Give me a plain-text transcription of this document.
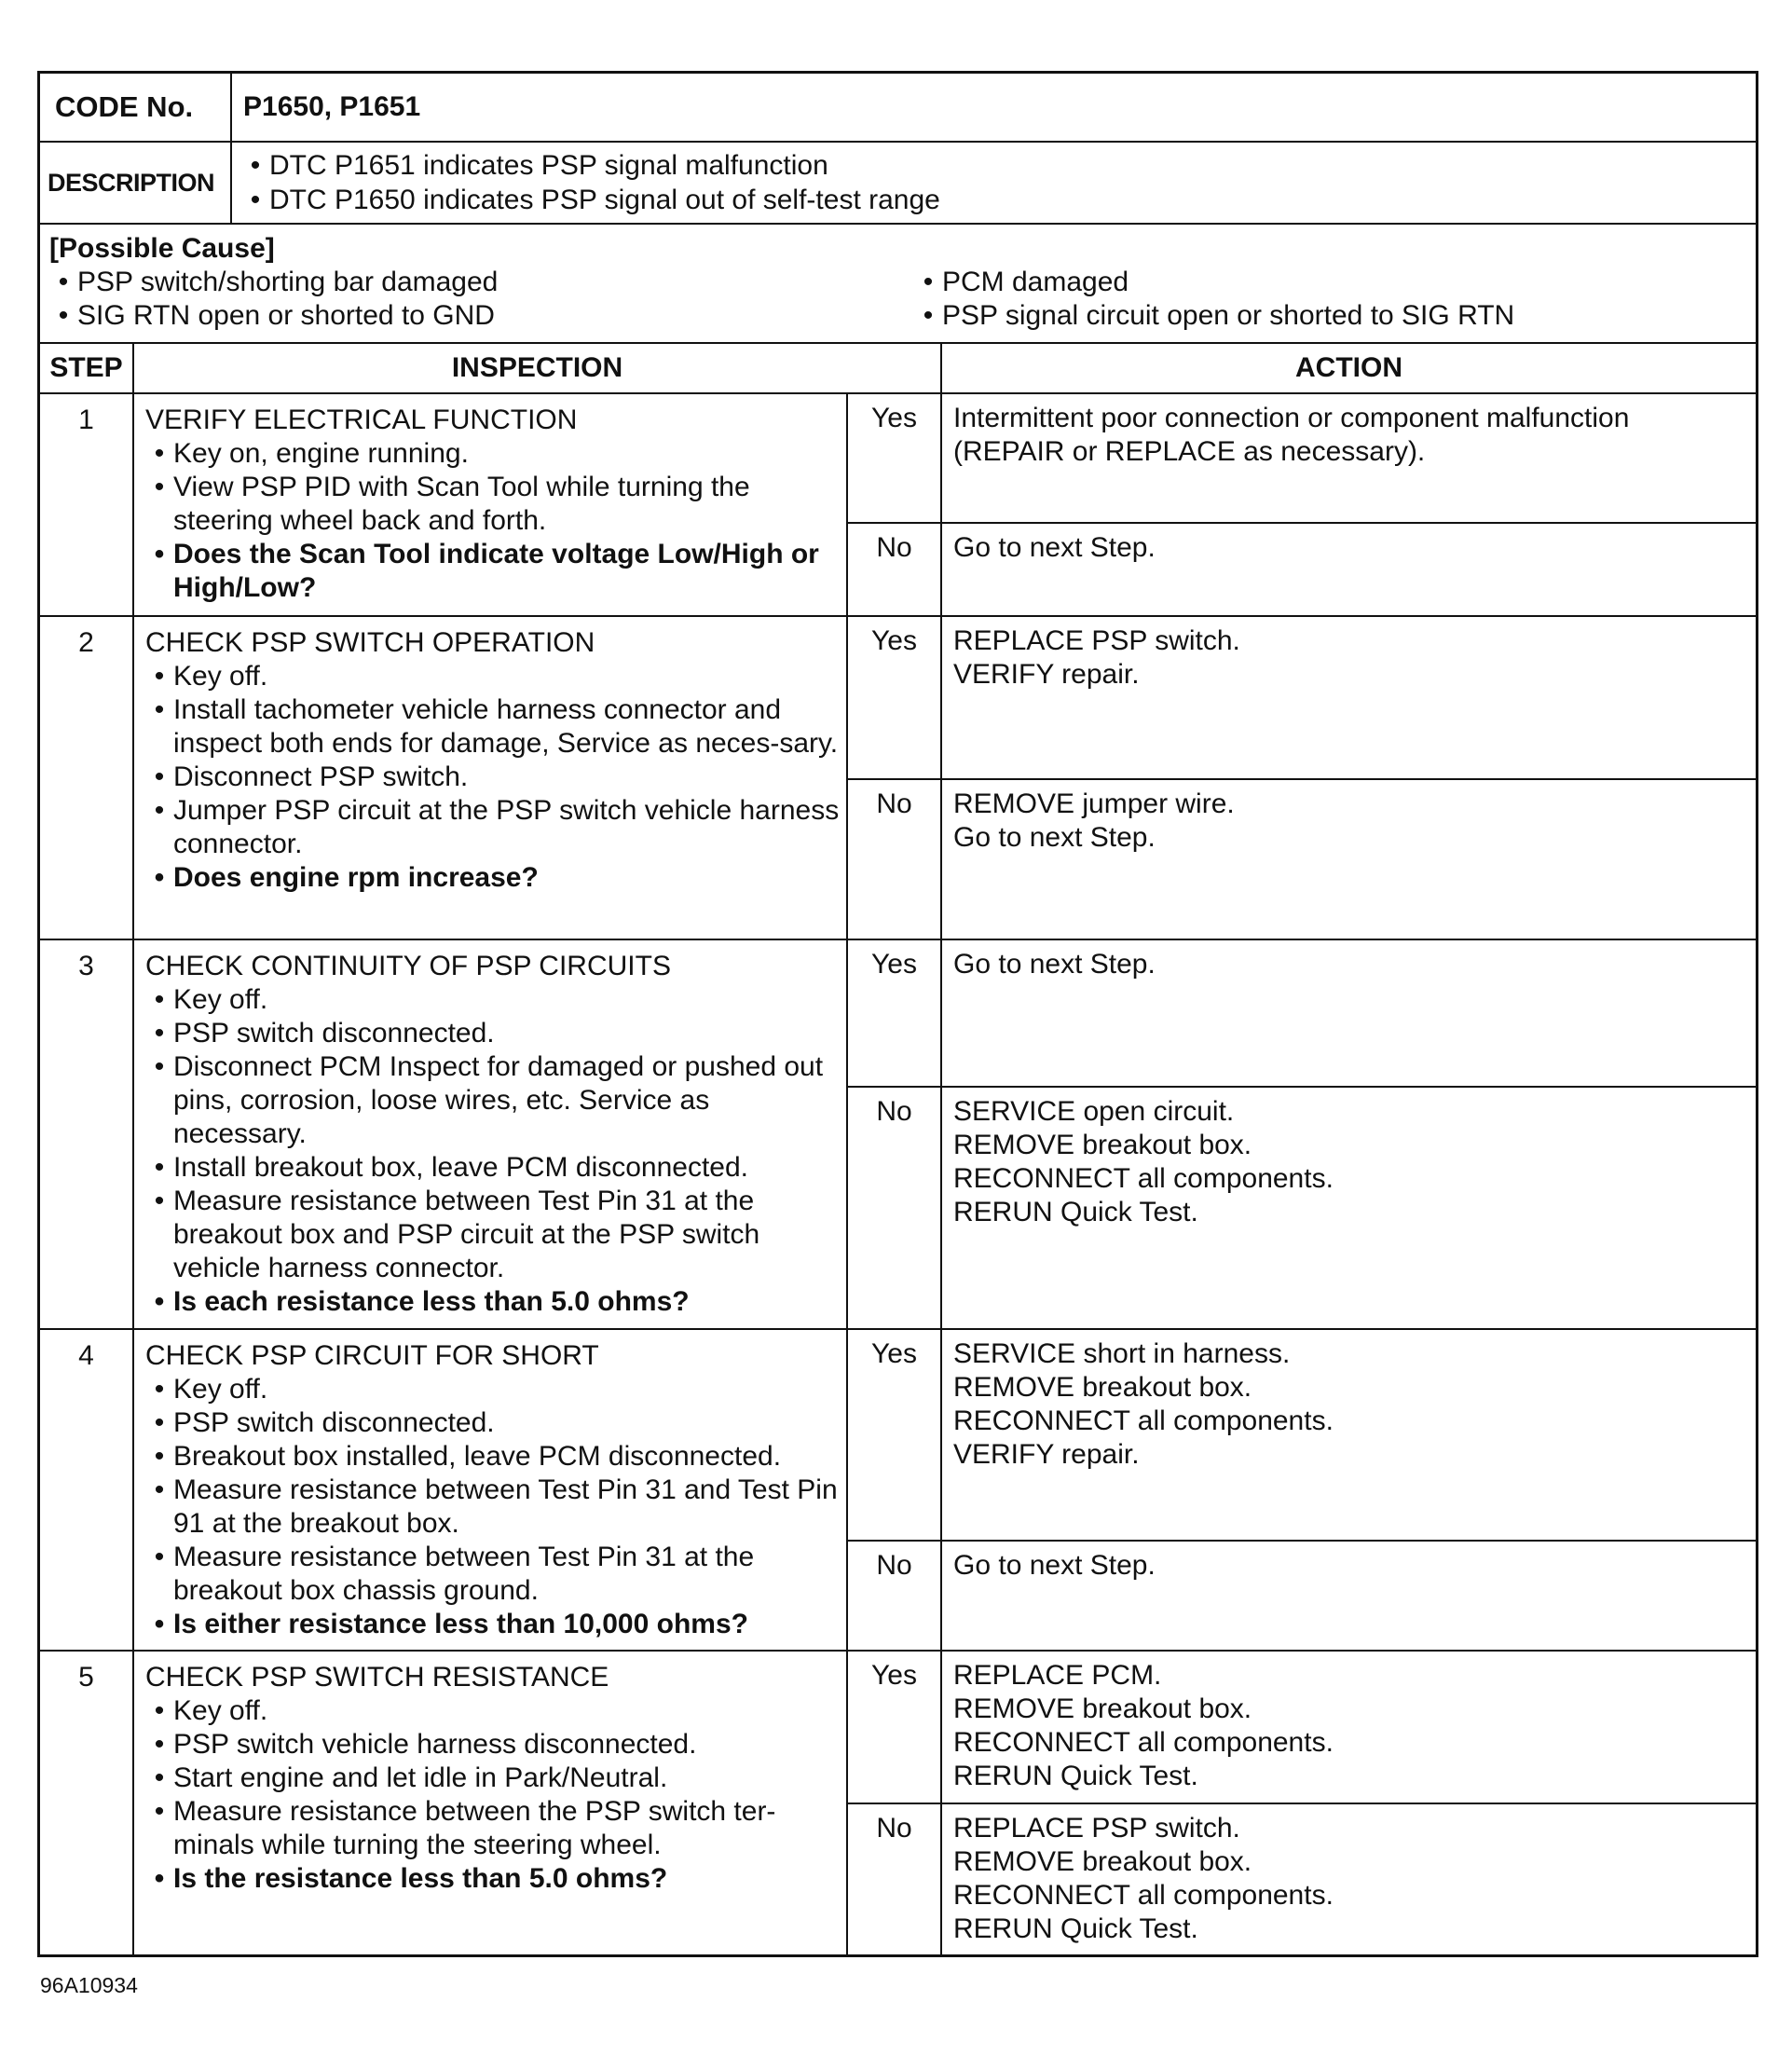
CODE No.	P1650, P1651
DESCRIPTION
• DTC P1651 indicates PSP signal malfunction
• DTC P1650 indicates PSP signal out of self-test range
[Possible Cause]
• PSP switch/shorting bar damaged
• SIG RTN open or shorted to GND
• PCM damaged
• PSP signal circuit open or shorted to SIG RTN
STEP	INSPECTION	ACTION
1	VERIFY ELECTRICAL FUNCTION
• Key on, engine running.
• View PSP PID with Scan Tool while turning the steering wheel back and forth.
• Does the Scan Tool indicate voltage Low/High or High/Low?
Yes	Intermittent poor connection or component malfunction (REPAIR or REPLACE as necessary).
No	Go to next Step.
2	CHECK PSP SWITCH OPERATION
• Key off.
• Install tachometer vehicle harness connector and inspect both ends for damage, Service as neces-sary.
• Disconnect PSP switch.
• Jumper PSP circuit at the PSP switch vehicle harness connector.
• Does engine rpm increase?
Yes	REPLACE PSP switch.
VERIFY repair.
No	REMOVE jumper wire.
Go to next Step.
3	CHECK CONTINUITY OF PSP CIRCUITS
• Key off.
• PSP switch disconnected.
• Disconnect PCM Inspect for damaged or pushed out pins, corrosion, loose wires, etc. Service as necessary.
• Install breakout box, leave PCM disconnected.
• Measure resistance between Test Pin 31 at the breakout box and PSP circuit at the PSP switch vehicle harness connector.
• Is each resistance less than 5.0 ohms?
Yes	Go to next Step.
No	SERVICE open circuit.
REMOVE breakout box.
RECONNECT all components.
RERUN Quick Test.
4	CHECK PSP CIRCUIT FOR SHORT
• Key off.
• PSP switch disconnected.
• Breakout box installed, leave PCM disconnected.
• Measure resistance between Test Pin 31 and Test Pin 91 at the breakout box.
• Measure resistance between Test Pin 31 at the breakout box chassis ground.
• Is either resistance less than 10,000 ohms?
Yes	SERVICE short in harness.
REMOVE breakout box.
RECONNECT all components.
VERIFY repair.
No	Go to next Step.
5	CHECK PSP SWITCH RESISTANCE
• Key off.
• PSP switch vehicle harness disconnected.
• Start engine and let idle in Park/Neutral.
• Measure resistance between the PSP switch ter-minals while turning the steering wheel.
• Is the resistance less than 5.0 ohms?
Yes	REPLACE PCM.
REMOVE breakout box.
RECONNECT all components.
RERUN Quick Test.
No	REPLACE PSP switch.
REMOVE breakout box.
RECONNECT all components.
RERUN Quick Test.
96A10934
